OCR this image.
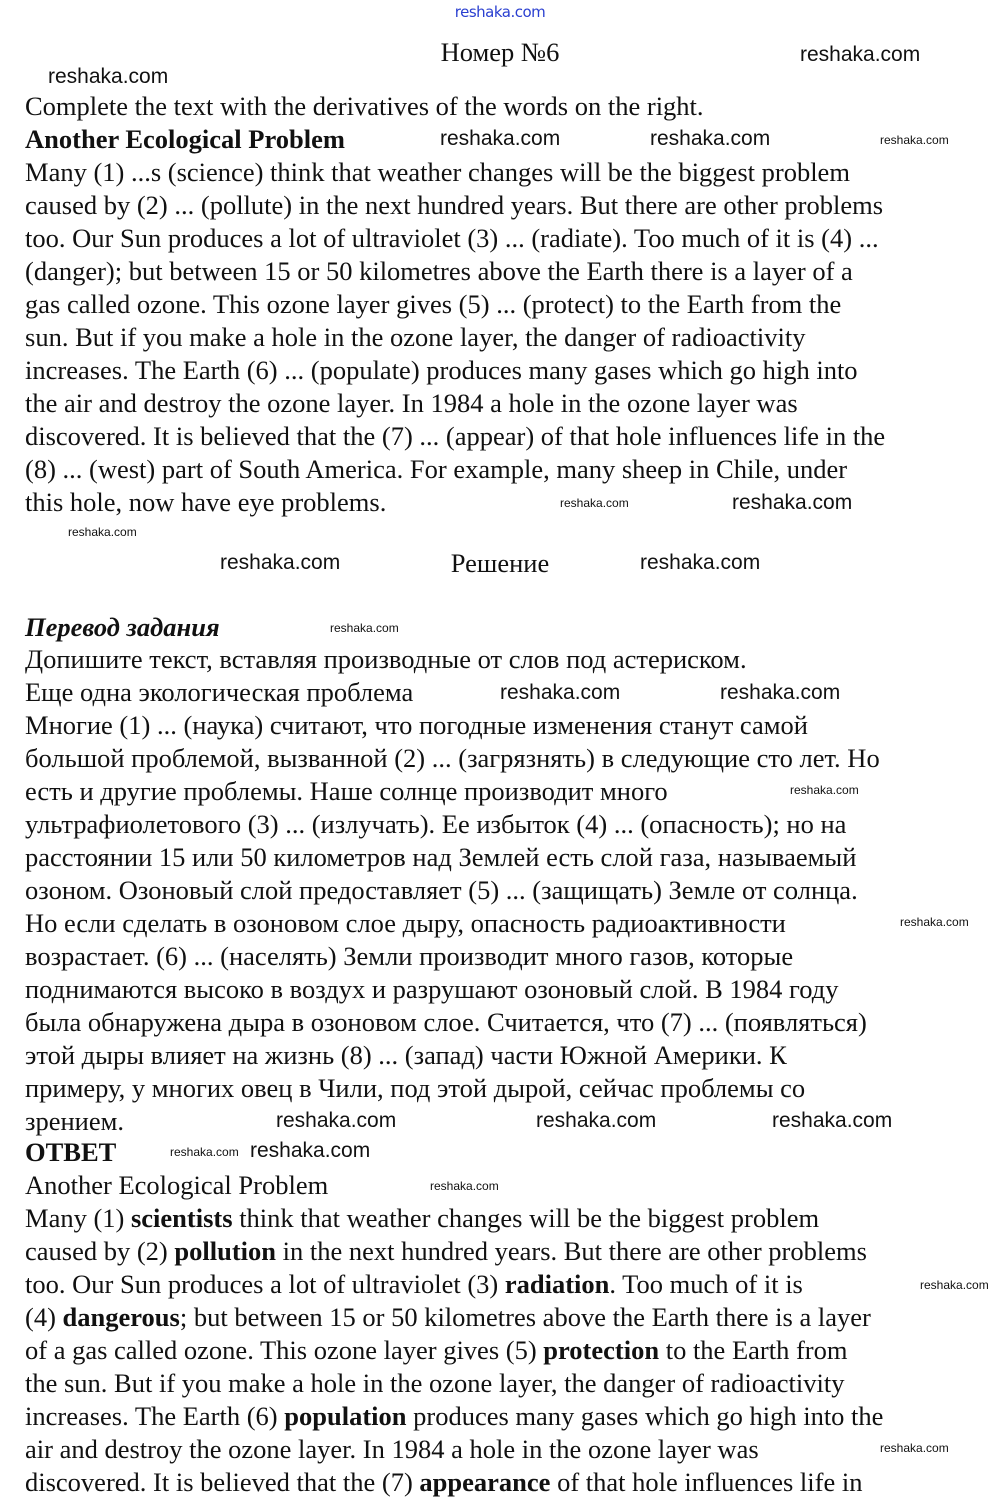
reshaka.com
Номер №6
Complete the text with the derivatives of the words on the right.
Another Ecological Problem
Many (1) ...s (science) think that weather changes will be the biggest problem
caused by (2) ... (pollute) in the next hundred years. But there are other problems
too. Our Sun produces a lot of ultraviolet (3) ... (radiate). Too much of it is (4) ...
(danger); but between 15 or 50 kilometres above the Earth there is a layer of a
gas called ozone. This ozone layer gives (5) ... (protect) to the Earth from the
sun. But if you make a hole in the ozone layer, the danger of radioactivity
increases. The Earth (6) ... (populate) produces many gases which go high into
the air and destroy the ozone layer. In 1984 a hole in the ozone layer was
discovered. It is believed that the (7) ... (appear) of that hole influences life in the
(8) ... (west) part of South America. For example, many sheep in Chile, under
this hole, now have eye problems.
Решение
Перевод задания
Допишите текст, вставляя производные от слов под астериском.
Еще одна экологическая проблема
Многие (1) ... (наука) считают, что погодные изменения станут самой
большой проблемой, вызванной (2) ... (загрязнять) в следующие сто лет. Но
есть и другие проблемы. Наше солнце производит много
ультрафиолетового (3) ... (излучать). Ее избыток (4) ... (опасность); но на
расстоянии 15 или 50 километров над Землей есть слой газа, называемый
озоном. Озоновый слой предоставляет (5) ... (защищать) Земле от солнца.
Но если сделать в озоновом слое дыру, опасность радиоактивности
возрастает. (6) ... (населять) Земли производит много газов, которые
поднимаются высоко в воздух и разрушают озоновый слой. В 1984 году
была обнаружена дыра в озоновом слое. Считается, что (7) ... (появляться)
этой дыры влияет на жизнь (8) ... (запад) части Южной Америки. К
примеру, у многих овец в Чили, под этой дырой, сейчас проблемы со
зрением.
ОТВЕТ
Another Ecological Problem
Many (1) scientists think that weather changes will be the biggest problem
caused by (2) pollution in the next hundred years. But there are other problems
too. Our Sun produces a lot of ultraviolet (3) radiation. Too much of it is
(4) dangerous; but between 15 or 50 kilometres above the Earth there is a layer
of a gas called ozone. This ozone layer gives (5) protection to the Earth from
the sun. But if you make a hole in the ozone layer, the danger of radioactivity
increases. The Earth (6) population produces many gases which go high into the
air and destroy the ozone layer. In 1984 a hole in the ozone layer was
discovered. It is believed that the (7) appearance of that hole influences life in
reshaka.com
reshaka.com
reshaka.com	reshaka.com	reshaka.com
reshaka.com
reshaka.com
reshaka.com
reshaka.com	reshaka.com
reshaka.com
reshaka.com	reshaka.com
reshaka.com
reshaka.com
reshaka.com	reshaka.com	reshaka.com
reshaka.com
reshaka.com
reshaka.com
reshaka.com
reshaka.com
